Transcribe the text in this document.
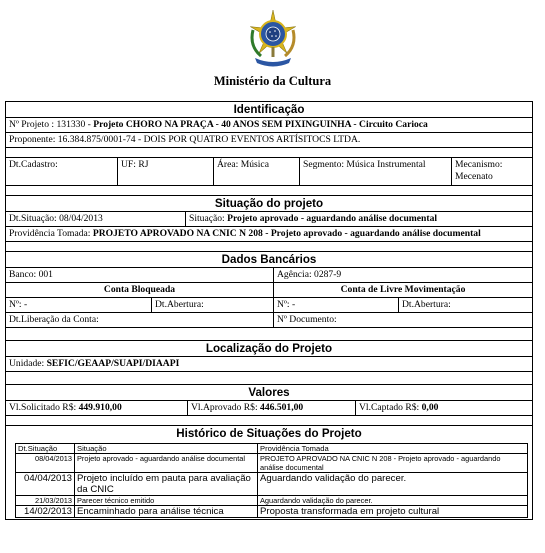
Ministério da Cultura
Identificação
Nº Projeto : 131330 - Projeto CHORO NA PRAÇA - 40 ANOS SEM PIXINGUINHA - Circuito Carioca
Proponente: 16.384.875/0001-74 - DOIS POR QUATRO EVENTOS ARTÍSITOCS LTDA.
Dt.Cadastro:	UF: RJ	Área: Música	Segmento: Música Instrumental	Mecanismo:
Mecenato
Situação do projeto
Dt.Situação: 08/04/2013	Situação: Projeto aprovado - aguardando análise documental
Providência Tomada: PROJETO APROVADO NA CNIC N 208 - Projeto aprovado - aguardando análise documental
Dados Bancários
Banco: 001	Agência: 0287-9
Conta Bloqueada	Conta de Livre Movimentação
Nº: -	Dt.Abertura:	Nº: -	Dt.Abertura:
Dt.Liberação da Conta:	Nº Documento:
Localização do Projeto
Unidade: SEFIC/GEAAP/SUAPI/DIAAPI
Valores
Vl.Solicitado R$: 449.910,00	Vl.Aprovado R$: 446.501,00	Vl.Captado R$: 0,00
Histórico de Situações do Projeto
Dt.Situação	Situação	Providência Tomada
08/04/2013	Projeto aprovado - aguardando análise documental	PROJETO APROVADO NA CNIC N 208 - Projeto aprovado - aguardando análise documental
04/04/2013	Projeto incluído em pauta para avaliação da CNIC	Aguardando validação do parecer.
21/03/2013	Parecer técnico emitido	Aguardando validação do parecer.
14/02/2013	Encaminhado para análise técnica	Proposta transformada em projeto cultural
